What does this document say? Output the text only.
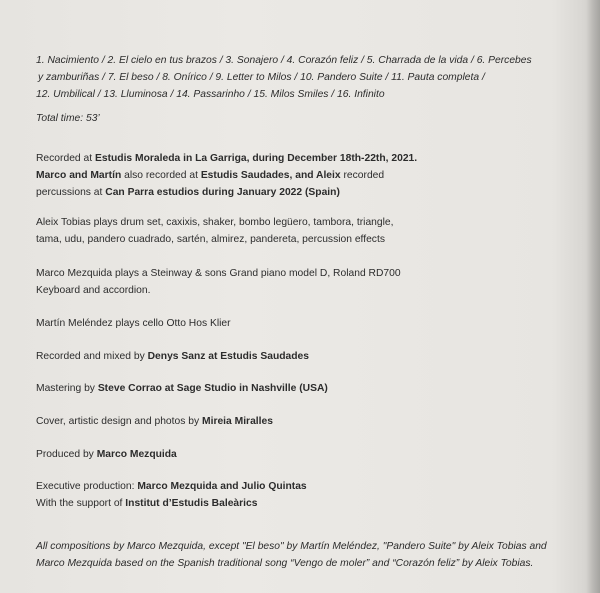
1. Nacimiento / 2. El cielo en tus brazos / 3. Sonajero / 4. Corazón feliz / 5. Charrada de la vida / 6. Percebes
y zamburiñas / 7. El beso / 8. Onírico / 9. Letter to Milos / 10. Pandero Suite / 11. Pauta completa /
12. Umbilical / 13. Lluminosa / 14. Passarinho / 15. Milos Smiles / 16. Infinito
Total time: 53’
Recorded at Estudis Moraleda in La Garriga, during December 18th-22th, 2021.
Marco and Martín also recorded at Estudis Saudades, and Aleix recorded
percussions at Can Parra estudios during January 2022 (Spain)
Aleix Tobias plays drum set, caxixis, shaker, bombo legüero, tambora, triangle,
tama, udu, pandero cuadrado, sartén, almirez, pandereta, percussion effects
Marco Mezquida plays a Steinway & sons Grand piano model D, Roland RD700
Keyboard and accordion.
Martín Meléndez plays cello Otto Hos Klier
Recorded and mixed by Denys Sanz at Estudis Saudades
Mastering by Steve Corrao at Sage Studio in Nashville (USA)
Cover, artistic design and photos by Mireia Miralles
Produced by Marco Mezquida
Executive production: Marco Mezquida and Julio Quintas
With the support of Institut d’Estudis Baleàrics
All compositions by Marco Mezquida, except "El beso" by Martín Meléndez, "Pandero Suite" by Aleix Tobias and
Marco Mezquida based on the Spanish traditional song “Vengo de moler” and “Corazón feliz” by Aleix Tobias.
